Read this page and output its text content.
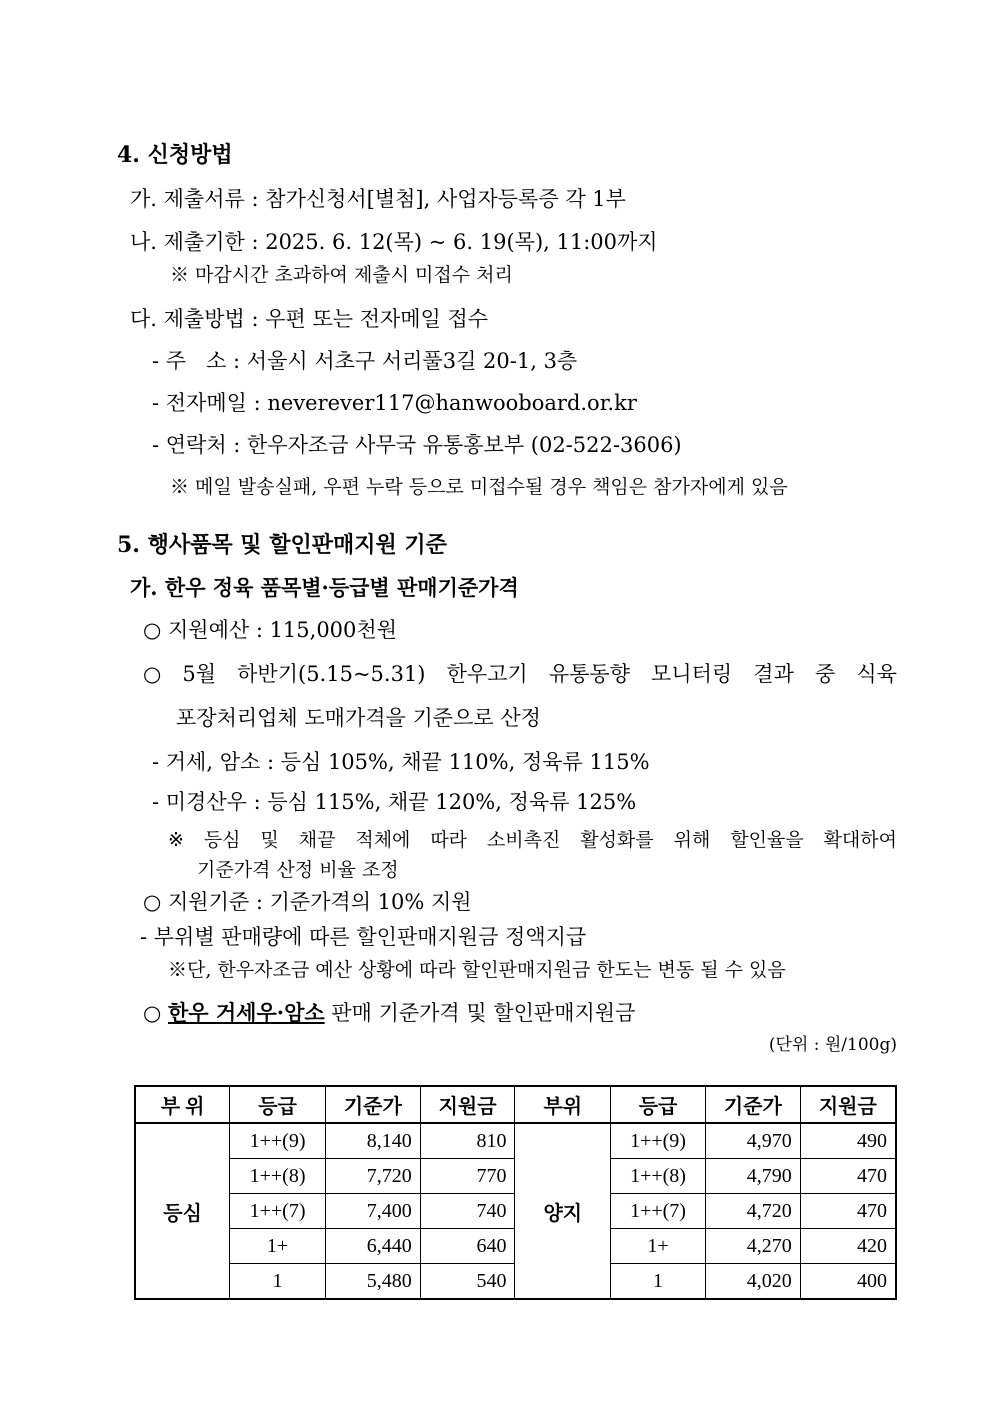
4. 신청방법
가. 제출서류 : 참가신청서[별첨], 사업자등록증 각 1부
나. 제출기한 : 2025. 6. 12(목) ~ 6. 19(목), 11:00까지
※ 마감시간 초과하여 제출시 미접수 처리
다. 제출방법 : 우편 또는 전자메일 접수
- 주   소 : 서울시 서초구 서리풀3길 20-1, 3층
- 전자메일 : neverever117@hanwooboard.or.kr
- 연락처 : 한우자조금 사무국 유통홍보부 (02-522-3606)
※ 메일 발송실패, 우편 누락 등으로 미접수될 경우 책임은 참가자에게 있음
5. 행사품목 및 할인판매지원 기준
가. 한우 정육 품목별·등급별 판매기준가격
○ 지원예산 : 115,000천원
○ 5월 하반기(5.15~5.31) 한우고기 유통동향 모니터링 결과 중 식육
포장처리업체 도매가격을 기준으로 산정
- 거세, 암소 : 등심 105%, 채끝 110%, 정육류 115%
- 미경산우 : 등심 115%, 채끝 120%, 정육류 125%
※ 등심 및 채끝 적체에 따라 소비촉진 활성화를 위해 할인율을 확대하여
기준가격 산정 비율 조정
○ 지원기준 : 기준가격의 10% 지원
- 부위별 판매량에 따른 할인판매지원금 정액지급
※단, 한우자조금 예산 상황에 따라 할인판매지원금 한도는 변동 될 수 있음
○ 한우 거세우·암소 판매 기준가격 및 할인판매지원금
(단위 : 원/100g)
부 위	등급	기준가	지원금	부위	등급	기준가	지원금
등심	1++(9)	8,140	810	양지	1++(9)	4,970	490
	1++(8)	7,720	770		1++(8)	4,790	470
	1++(7)	7,400	740		1++(7)	4,720	470
	1+	6,440	640		1+	4,270	420
	1	5,480	540		1	4,020	400
